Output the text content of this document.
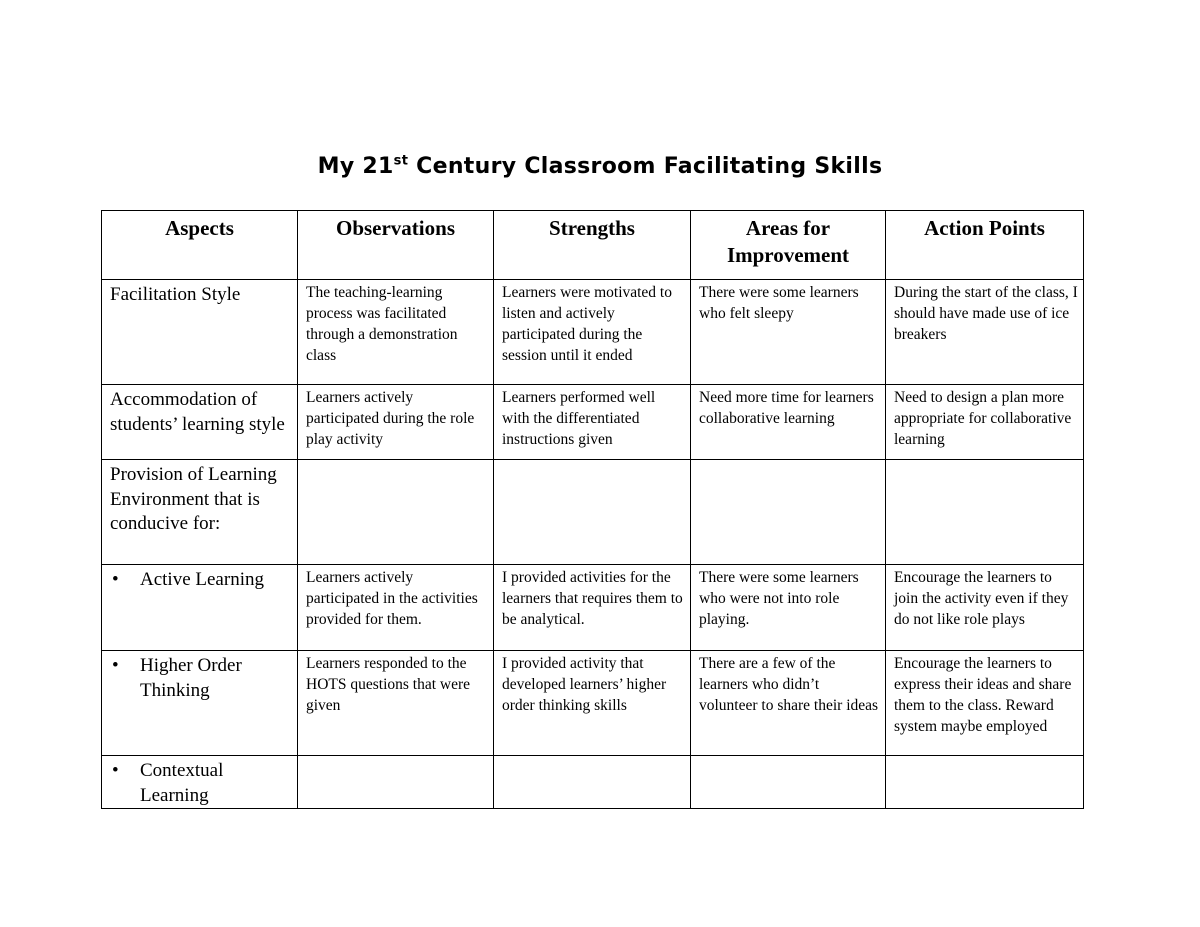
My 21st Century Classroom Facilitating Skills
Aspects	Observations	Strengths	Areas for Improvement	Action Points
Facilitation Style	The teaching-learning process was facilitated through a demonstration class	Learners were motivated to listen and actively participated during the session until it ended	There were some learners who felt sleepy	During the start of the class, I should have made use of ice breakers
Accommodation of students’ learning style	Learners actively participated during the role play activity	Learners performed well with the differentiated instructions given	Need more time for learners collaborative learning	Need to design a plan more appropriate for collaborative learning
Provision of Learning Environment that is conducive for:				

• Active Learning	Learners actively participated in the activities provided for them.	I provided activities for the learners that requires them to be analytical.	There were some learners who were not into role playing.	Encourage the learners to join the activity even if they do not like role plays

• Higher Order Thinking	Learners responded to the HOTS questions that were given	I provided activity that developed learners’ higher order thinking skills	There are a few of the learners who didn’t volunteer to share their ideas	Encourage the learners to express their ideas and share them to the class. Reward system maybe employed

• Contextual Learning				
